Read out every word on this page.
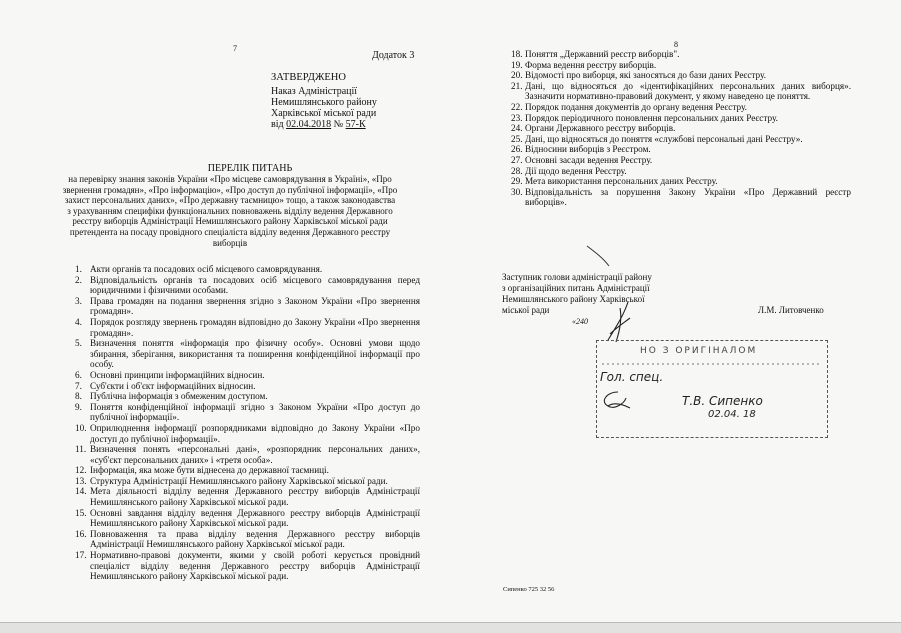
7
Додаток 3
ЗАТВЕРДЖЕНО
Наказ Адміністрації
Немишлянського району
Харківської міської ради
від 02.04.2018 № 57-К
ПЕРЕЛІК ПИТАНЬ
на перевірку знання законів України «Про місцеве самоврядування в Україні», «Про
звернення громадян», «Про інформацію», «Про доступ до публічної інформації», «Про
захист персональних даних», «Про державну таємницю» тощо, а також законодавства
з урахуванням специфіки функціональних повноважень відділу ведення Державного
реєстру виборців Адміністрації Немишлянського району Харківської міської ради
претендента на посаду провідного спеціаліста відділу ведення Державного реєстру
виборців
1. Акти органів та посадових осіб місцевого самоврядування.
2. Відповідальність органів та посадових осіб місцевого самоврядування перед юридичними і фізичними особами.
3. Права громадян на подання звернення згідно з Законом України «Про звернення громадян».
4. Порядок розгляду звернень громадян відповідно до Закону України «Про звернення громадян».
5. Визначення поняття «інформація про фізичну особу». Основні умови щодо збирання, зберігання, використання та поширення конфіденційної інформації про особу.
6. Основні принципи інформаційних відносин.
7. Суб'єкти і об'єкт інформаційних відносин.
8. Публічна інформація з обмеженим доступом.
9. Поняття конфіденційної інформації згідно з Законом України «Про доступ до публічної інформації».
10. Оприлюднення інформації розпорядниками відповідно до Закону України «Про доступ до публічної інформації».
11. Визначення понять «персональні дані», «розпорядник персональних даних», «суб'єкт персональних даних» і «третя особа».
12. Інформація, яка може бути віднесена до державної таємниці.
13. Структура Адміністрації Немишлянського району Харківської міської ради.
14. Мета діяльності відділу ведення Державного реєстру виборців Адміністрації Немишлянського району Харківської міської ради.
15. Основні завдання відділу ведення Державного реєстру виборців Адміністрації Немишлянського району Харківської міської ради.
16. Повноваження та права відділу ведення Державного реєстру виборців Адміністрації Немишлянського району Харківської міської ради.
17. Нормативно-правові документи, якими у своїй роботі керується провідний спеціаліст відділу ведення Державного реєстру виборців Адміністрації Немишлянського району Харківської міської ради.
8
18. Поняття „Державний реєстр виборців".
19. Форма ведення реєстру виборців.
20. Відомості про виборця, які заносяться до бази даних Реєстру.
21. Дані, що відносяться до «ідентифікаційних персональних даних виборця». Зазначити нормативно-правовий документ, у якому наведено це поняття.
22. Порядок подання документів до органу ведення Реєстру.
23. Порядок періодичного поновлення персональних даних Реєстру.
24. Органи Державного реєстру виборців.
25. Дані, що відносяться до поняття «службові персональні дані Реєстру».
26. Відносини виборців з Реєстром.
27. Основні засади ведення Реєстру.
28. Дії щодо ведення Реєстру.
29. Мета використання персональних даних Реєстру.
30. Відповідальність за порушення Закону України «Про Державний реєстр виборців».
Заступник голови адміністрації району
з організаційних питань Адміністрації
Немишлянського району Харківської
міської ради	Л.М. Литовченко
«240
НО З ОРИГІНАЛОМ
Гол. спец.
Т.В. Сипенко
02.04. 18
Сипенко 725 32 56
